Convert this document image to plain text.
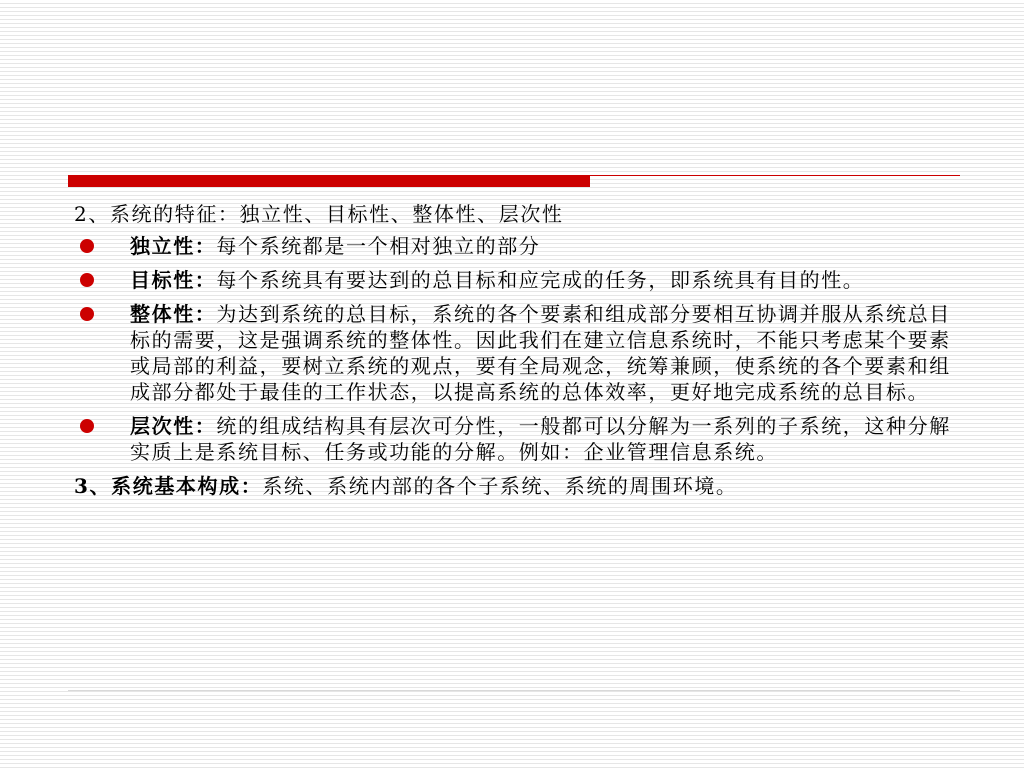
2、系统的特征：独立性、目标性、整体性、层次性

独立性：每个系统都是一个相对独立的部分
目标性：每个系统具有要达到的总目标和应完成的任务，即系统具有目的性。
整体性：为达到系统的总目标，系统的各个要素和组成部分要相互协调并服从系统总目标的需要，这是强调系统的整体性。因此我们在建立信息系统时，不能只考虑某个要素或局部的利益，要树立系统的观点，要有全局观念，统筹兼顾，使系统的各个要素和组成部分都处于最佳的工作状态，以提高系统的总体效率，更好地完成系统的总目标。
层次性：统的组成结构具有层次可分性，一般都可以分解为一系列的子系统，这种分解实质上是系统目标、任务或功能的分解。例如：企业管理信息系统。

3、系统基本构成：系统、系统内部的各个子系统、系统的周围环境。
